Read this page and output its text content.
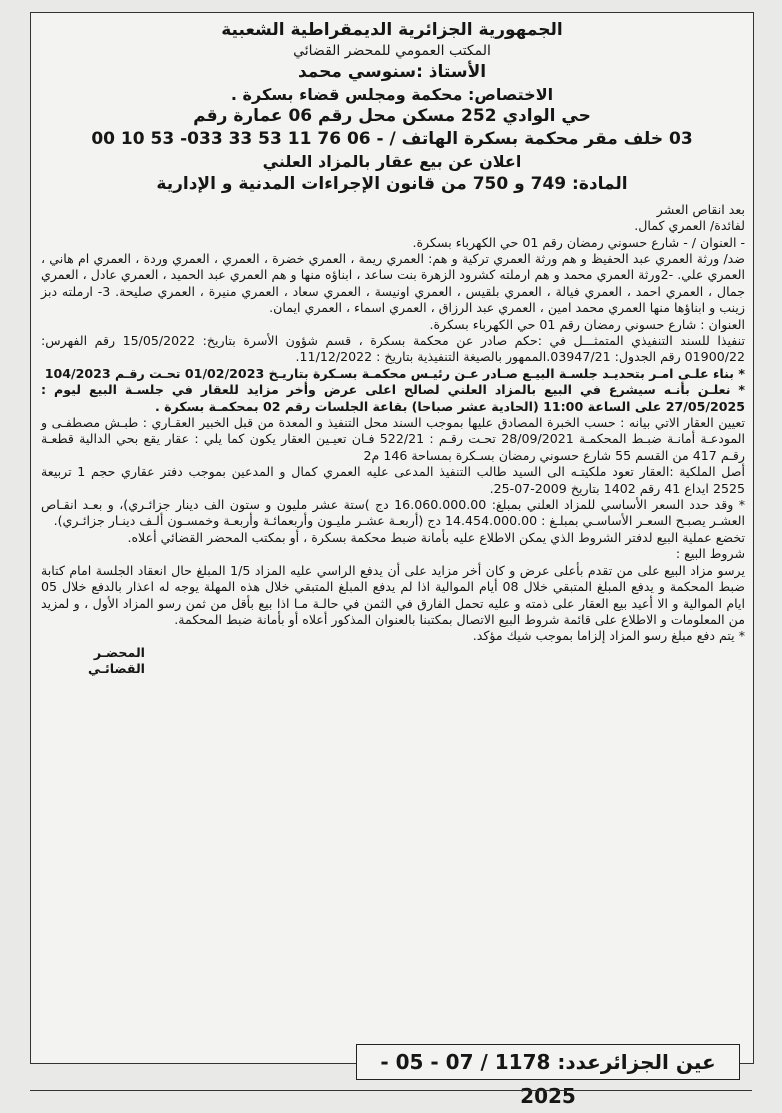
الجمهورية الجزائرية الديمقراطية الشعبية
المكتب العمومي للمحضر القضائي
الأستاذ :سنوسي محمد
الاختصاص: محكمة ومجلس قضاء بسكرة .
حي الوادي 252 مسكن محل رقم 06 عمارة رقم
03 خلف مقر محكمة بسكرة الهاتف / - 06 76 11 53 33 033- 53 10 00
اعلان عن بيع عقار بالمزاد العلني
المادة: 749 و 750 من قانون الإجراءات المدنية و الإدارية

بعد انقاص العشر

لفائدة/ العمري كمال.

- العنوان / - شارع حسوني رمضان رقم 01 حي الكهرباء بسكرة.

ضد/ ورثة العمري عبد الحفيظ و هم ورثة العمري تركية و هم: العمري ريمة ، العمري خضرة ، العمري ، العمري وردة ، العمري ام هاني ، العمري علي. -2ورثة العمري محمد و هم ارملته كشرود الزهرة بنت ساعد ، ابناؤه منها و هم العمري عبد الحميد ، العمري عادل ، العمري جمال ، العمري احمد ، العمري فيالة ، العمري بلقيس ، العمري اونيسة ، العمري سعاد ، العمري منيرة ، العمري صليحة. 3- ارملته دبز زينب و ابناؤها منها العمري محمد امين ، العمري عبد الرزاق ، العمري اسماء ، العمري ايمان.

العنوان : شارع حسوني رمضان رقم 01 حي الكهرباء بسكرة.

تنفيذا للسند التنفيذي المتمثـــل في :حكم صادر عن محكمة بسكرة ، قسم شؤون الأسرة بتاريخ: 15/05/2022 رقم الفهرس: 01900/22 رقم الجدول: 03947/21.الممهور بالصيغة التنفيذية بتاريخ : 11/12/2022.

* بناء علـى امـر بتحديـد جلسـة البيـع صـادر عـن رئيـس محكمـة بسـكرة بتاريـخ 01/02/2023 تحـت رقـم 104/2023

* نعلـن بأنـه سيشرع في البيع بالمزاد العلني لصالح اعلى عرض وأخر مزايد للعقار في جلسـة البيع ليوم : 27/05/2025 على الساعة 11:00 (الحادية عشر صباحا) بقاعة الجلسات رقم 02 بمحكمـة بسكرة .

تعيين العقار الاتي بيانه : حسب الخبرة المصادق عليها بموجب السند محل التنفيذ و المعدة من قبل الخبير العقـاري : طبـش مصطفـى و المودعـة أمانـة ضبـط المحكمـة 28/09/2021 تحـت رقـم : 522/21 فـان تعيـين العقار يكون كما يلي : عقار يقع بحي الدالية قطعـة رقـم 417 من القسم 55 شارع حسوني رمضان بسـكرة بمساحة 146 م2

أصل الملكية :العقار تعود ملكيتـه الى السيد طالب التنفيذ المدعى عليه العمري كمال و المدعين بموجب دفتر عقاري حجم 1 تربيعة 2525 ايداع 41 رقم 1402 بتاريخ 2009-07-25.

* وقد حدد السعر الأساسي للمزاد العلني بمبلغ: 16.060.000.00 دج )ستة عشر مليون و ستون الف دينار جزائـري)، و بعـد انقـاص العشـر يصبـح السعـر الأساسـي بمبلـغ : 14.454.000.00 دج (أربعـة عشـر مليـون وأربعمائـة وأربعـة وخمسـون ألـف دينـار جزائـري).

تخضع عملية البيع لدفتر الشروط الذي يمكن الاطلاع عليه بأمانة ضبط محكمة بسكرة ، أو بمكتب المحضر القضائي أعلاه.

شروط البيع :

يرسو مزاد البيع على من تقدم بأعلى عرض و كان أخر مزايد على أن يدفع الراسي عليه المزاد 1/5 المبلغ حال انعقاد الجلسة امام كتابة ضبط المحكمة و يدفع المبلغ المتبقي خلال 08 أيام الموالية اذا لم يدفع المبلغ المتبقي خلال هذه المهلة يوجه له اعذار بالدفع خلال 05 ايام الموالية و الا أعيد بيع العقار على ذمته و عليه تحمل الفارق في الثمن في حالـة مـا اذا بيع بأقل من ثمن رسو المزاد الأول ، و لمزيد من المعلومات و الاطلاع على قائمة شروط البيع الاتصال بمكتبنا بالعنوان المذكور أعلاه أو بأمانة ضبط المحكمة.

* يتم دفع مبلغ رسو المزاد إلزاما بموجب شيك مؤكد.

المحضـر القضائـي

عين الجزائرعدد: 1178 / 07 - 05 - 2025
